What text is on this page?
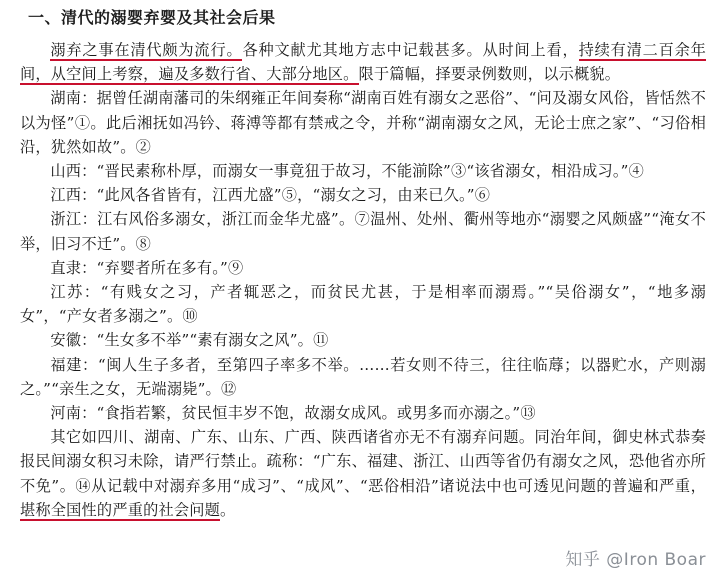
一、清代的溺婴弃婴及其社会后果

溺弃之事在清代颇为流行。各种文献尤其地方志中记载甚多。从时间上看，持续有清二百余年间，从空间上考察，遍及多数行省、大部分地区。限于篇幅，择要录例数则，以示概貌。

湖南：据曾任湖南藩司的朱纲雍正年间奏称“湖南百姓有溺女之恶俗”、“问及溺女风俗，皆恬然不以为怪”①。此后湘抚如冯钤、蒋溥等都有禁戒之令，并称“湖南溺女之风，无论士庶之家”、“习俗相沿，犹然如故”。②

山西：“晋民素称朴厚，而溺女一事竟狃于故习，不能湔除”③“该省溺女，相沿成习。”④

江西：“此风各省皆有，江西尤盛”⑤，“溺女之习，由来已久。”⑥

浙江：江右风俗多溺女，浙江而金华尤盛”。⑦温州、处州、衢州等地亦“溺婴之风颇盛”“淹女不举，旧习不迁”。⑧

直隶：“弃婴者所在多有。”⑨

江苏：“有贱女之习，产者辄恶之，而贫民尤甚，于是相率而溺焉。”“吴俗溺女”，“地多溺女”，“产女者多溺之”。⑩

安徽：“生女多不举”“素有溺女之风”。⑪

福建：“闽人生子多者，至第四子率多不举。……若女则不待三，往往临蓐；以器贮水，产则溺之。”“亲生之女，无端溺毙”。⑫

河南：“食指若繁，贫民恒丰岁不饱，故溺女成风。或男多而亦溺之。”⑬

其它如四川、湖南、广东、山东、广西、陕西诸省亦无不有溺弃问题。同治年间，御史林式恭奏报民间溺女积习未除，请严行禁止。疏称：“广东、福建、浙江、山西等省仍有溺女之风，恐他省亦所不免”。⑭从记载中对溺弃多用“成习”、“成风”、“恶俗相沿”诸说法中也可透见问题的普遍和严重，堪称全国性的严重的社会问题。

知乎 @Iron Boar
